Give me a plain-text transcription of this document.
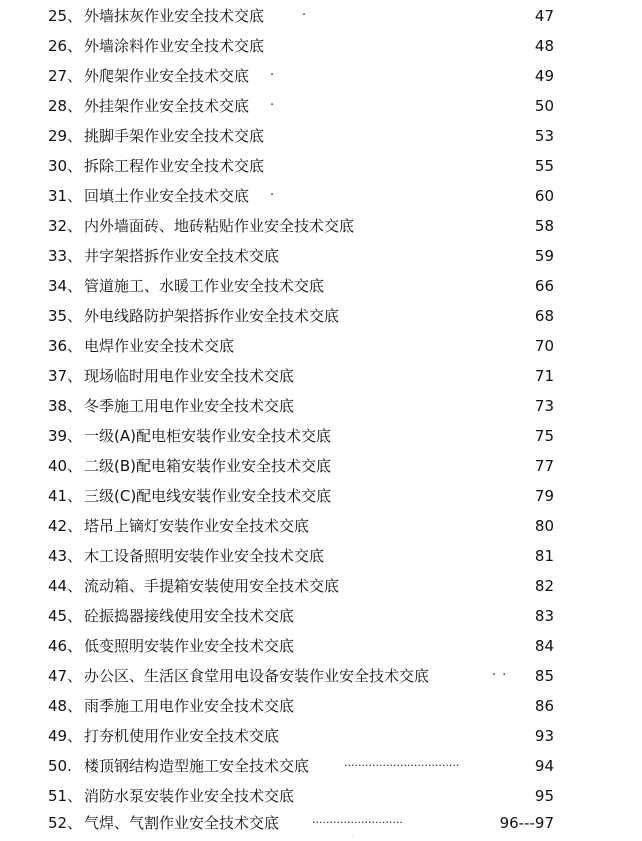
25、 外墙抹灰作业安全技术交底	·	47
26、 外墙涂料作业安全技术交底	48
27、 外爬架作业安全技术交底 ·	49
28、 外挂架作业安全技术交底 ·	50
29、 挑脚手架作业安全技术交底	53
30、 拆除工程作业安全技术交底	55
31、 回填土作业安全技术交底 ·	60
32、 内外墙面砖、地砖粘贴作业安全技术交底	58
33、 井字架搭拆作业安全技术交底	59
34、 管道施工、水暖工作业安全技术交底	66
35、 外电线路防护架搭拆作业安全技术交底	68
36、 电焊作业安全技术交底	70
37、 现场临时用电作业安全技术交底	71
38、 冬季施工用电作业安全技术交底	73
39、 一级(A)配电柜安装作业安全技术交底	75
40、 二级(B)配电箱安装作业安全技术交底	77
41、 三级(C)配电线安装作业安全技术交底	79
42、 塔吊上镝灯安装作业安全技术交底	80
43、 木工设备照明安装作业安全技术交底	81
44、 流动箱、手提箱安装使用安全技术交底	82
45、 砼振捣器接线使用安全技术交底	83
46、 低变照明安装作业安全技术交底	84
47、 办公区、生活区食堂用电设备安装作业安全技术交底	·· 85
48、 雨季施工用电作业安全技术交底	86
49、 打夯机使用作业安全技术交底	93
50. 楼顶钢结构造型施工安全技术交底	·································	94
51、 消防水泵安装作业安全技术交底	95
52、 气焊、气割作业安全技术交底	··························	96---97
·
